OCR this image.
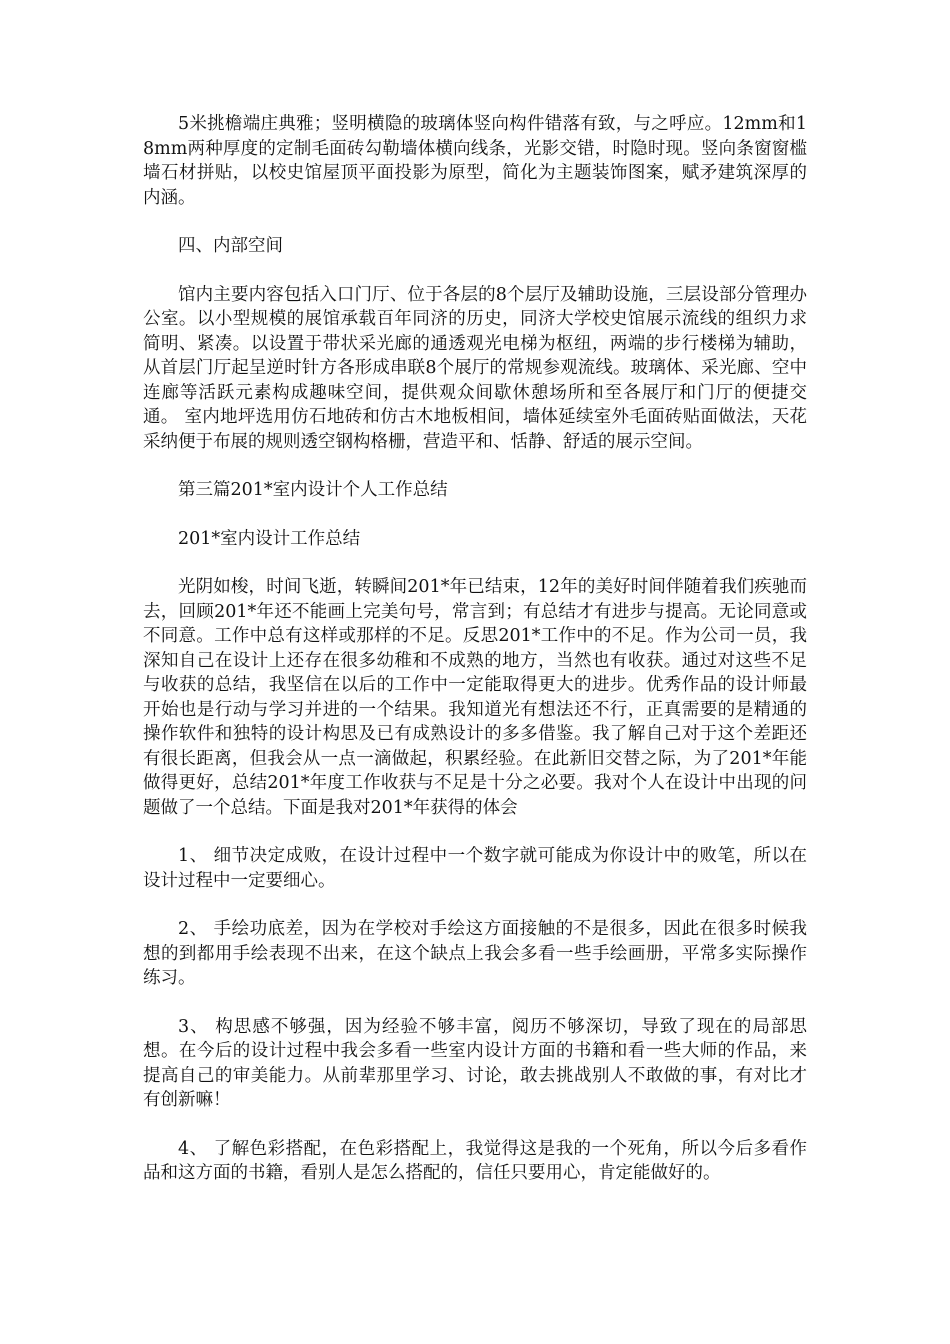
5米挑檐端庄典雅；竖明横隐的玻璃体竖向构件错落有致，与之呼应。12mm和18mm两种厚度的定制毛面砖勾勒墙体横向线条，光影交错，时隐时现。竖向条窗窗槛墙石材拼贴，以校史馆屋顶平面投影为原型，简化为主题装饰图案，赋矛建筑深厚的内涵。

四、内部空间

馆内主要内容包括入口门厅、位于各层的8个层厅及辅助设施，三层设部分管理办公室。以小型规模的展馆承载百年同济的历史，同济大学校史馆展示流线的组织力求简明、紧凑。以设置于带状采光廊的通透观光电梯为枢纽，两端的步行楼梯为辅助，从首层门厅起呈逆时针方各形成串联8个展厅的常规参观流线。玻璃体、采光廊、空中连廊等活跃元素构成趣味空间，提供观众间歇休憩场所和至各展厅和门厅的便捷交通。 室内地坪选用仿石地砖和仿古木地板相间，墙体延续室外毛面砖贴面做法，天花采纳便于布展的规则透空钢构格栅，营造平和、恬静、舒适的展示空间。

第三篇201*室内设计个人工作总结

201*室内设计工作总结

光阴如梭，时间飞逝，转瞬间201*年已结束，12年的美好时间伴随着我们疾驰而去，回顾201*年还不能画上完美句号，常言到；有总结才有进步与提高。无论同意或不同意。工作中总有这样或那样的不足。反思201*工作中的不足。作为公司一员，我深知自己在设计上还存在很多幼稚和不成熟的地方，当然也有收获。通过对这些不足与收获的总结，我坚信在以后的工作中一定能取得更大的进步。优秀作品的设计师最开始也是行动与学习并进的一个结果。我知道光有想法还不行，正真需要的是精通的操作软件和独特的设计构思及已有成熟设计的多多借鉴。我了解自己对于这个差距还有很长距离，但我会从一点一滴做起，积累经验。在此新旧交替之际，为了201*年能做得更好，总结201*年度工作收获与不足是十分之必要。我对个人在设计中出现的问题做了一个总结。下面是我对201*年获得的体会

1、 细节决定成败，在设计过程中一个数字就可能成为你设计中的败笔，所以在设计过程中一定要细心。

2、 手绘功底差，因为在学校对手绘这方面接触的不是很多，因此在很多时候我想的到都用手绘表现不出来，在这个缺点上我会多看一些手绘画册，平常多实际操作练习。

3、 构思感不够强，因为经验不够丰富，阅历不够深切，导致了现在的局部思想。在今后的设计过程中我会多看一些室内设计方面的书籍和看一些大师的作品，来提高自己的审美能力。从前辈那里学习、讨论，敢去挑战别人不敢做的事，有对比才有创新嘛！

4、 了解色彩搭配，在色彩搭配上，我觉得这是我的一个死角，所以今后多看作品和这方面的书籍，看别人是怎么搭配的，信任只要用心，肯定能做好的。
